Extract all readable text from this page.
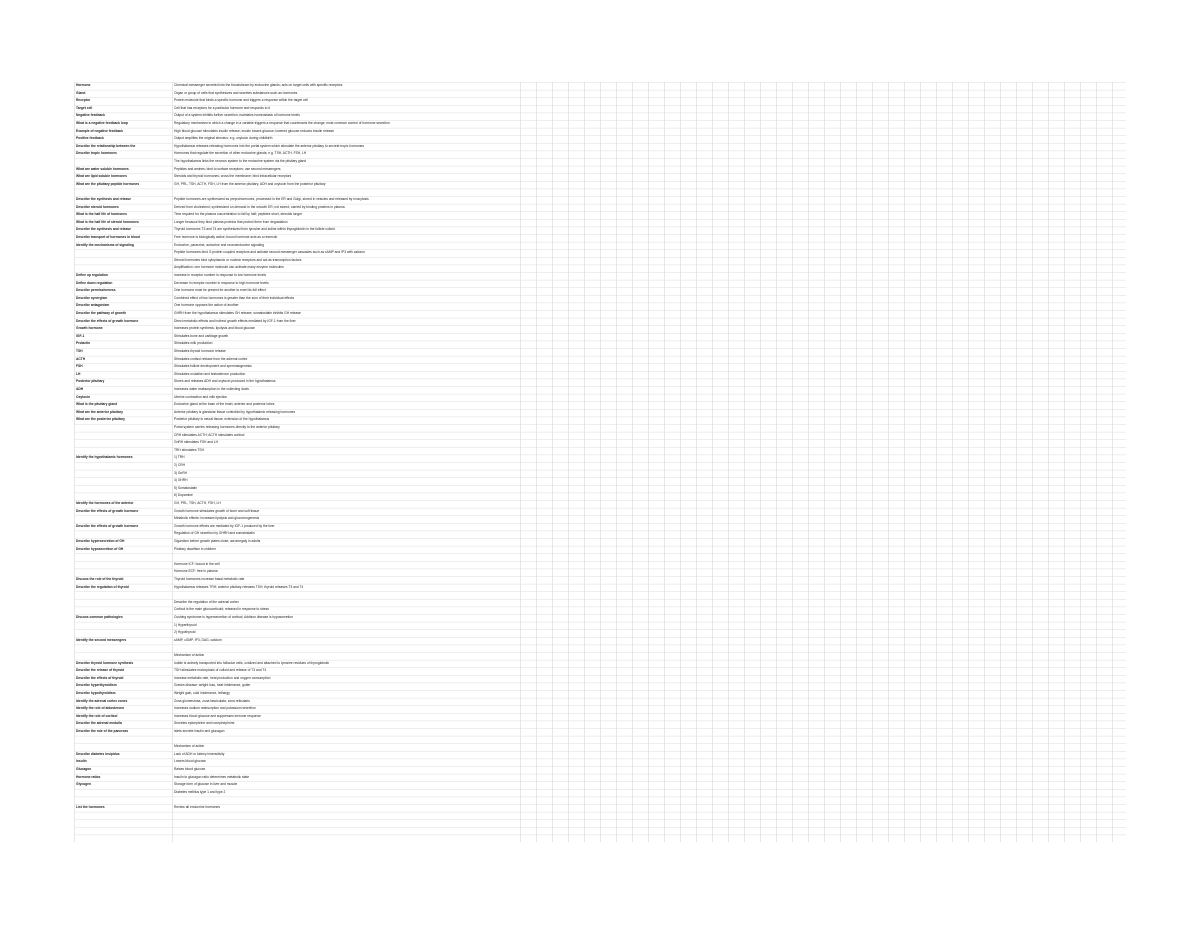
Hormone	Chemical messenger secreted into the bloodstream by endocrine glands; acts on target cells with specific receptors
Gland	Organ or group of cells that synthesizes and secretes substances such as hormones
Receptor	Protein molecule that binds a specific hormone and triggers a response within the target cell
Target cell	Cell that has receptors for a particular hormone and responds to it
Negative feedback	Output of a system inhibits further secretion; maintains homeostasis of hormone levels
What is a negative feedback loop	Regulatory mechanism in which a change in a variable triggers a response that counteracts the change; most common control of hormone secretion
Example of negative feedback	High blood glucose stimulates insulin release; insulin lowers glucose; lowered glucose reduces insulin release
Positive feedback	Output amplifies the original stimulus; e.g. oxytocin during childbirth
Describe the relationship between the	Hypothalamus releases releasing hormones into the portal system which stimulate the anterior pituitary to secrete tropic hormones
Describe tropic hormones	Hormones that regulate the secretion of other endocrine glands; e.g. TSH, ACTH, FSH, LH
The hypothalamus links the nervous system to the endocrine system via the pituitary gland
What are water soluble hormones	Peptides and amines; bind to surface receptors; use second messengers
What are lipid soluble hormones	Steroids and thyroid hormones; cross the membrane; bind intracellular receptors
What are the pituitary peptide hormones	GH, PRL, TSH, ACTH, FSH, LH from the anterior pituitary; ADH and oxytocin from the posterior pituitary
Describe the synthesis and release	Peptide hormones are synthesized as preprohormones, processed in the ER and Golgi, stored in vesicles and released by exocytosis
Describe steroid hormones	Derived from cholesterol; synthesized on demand in the smooth ER; not stored; carried by binding proteins in plasma
What is the half life of hormones	Time required for the plasma concentration to fall by half; peptides short, steroids longer
What is the half life of steroid hormones	Longer because they bind plasma proteins that protect them from degradation
Describe the synthesis and release	Thyroid hormones T3 and T4 are synthesized from tyrosine and iodine within thyroglobulin in the follicle colloid
Describe transport of hormones in blood	Free hormone is biologically active; bound hormone acts as a reservoir
Identify the mechanisms of signaling	Endocrine, paracrine, autocrine and neuroendocrine signaling
Peptide hormones bind G protein coupled receptors and activate second messenger cascades such as cAMP and IP3 with calcium
Steroid hormones bind cytoplasmic or nuclear receptors and act as transcription factors
Amplification: one hormone molecule can activate many enzyme molecules
Define up regulation	Increase in receptor number in response to low hormone levels
Define down regulation	Decrease in receptor number in response to high hormone levels
Describe permissiveness	One hormone must be present for another to exert its full effect
Describe synergism	Combined effect of two hormones is greater than the sum of their individual effects
Describe antagonism	One hormone opposes the action of another
Describe the pathway of growth	GHRH from the hypothalamus stimulates GH release; somatostatin inhibits GH release
Describe the effects of growth hormone	Direct metabolic effects and indirect growth effects mediated by IGF-1 from the liver
Growth hormone	Increases protein synthesis, lipolysis and blood glucose
IGF-1	Stimulates bone and cartilage growth
Prolactin	Stimulates milk production
TSH	Stimulates thyroid hormone release
ACTH	Stimulates cortisol release from the adrenal cortex
FSH	Stimulates follicle development and spermatogenesis
LH	Stimulates ovulation and testosterone production
Posterior pituitary	Stores and releases ADH and oxytocin produced in the hypothalamus
ADH	Increases water reabsorption in the collecting ducts
Oxytocin	Uterine contraction and milk ejection
What is the pituitary gland	Endocrine gland at the base of the brain; anterior and posterior lobes
What are the anterior pituitary	Anterior pituitary is glandular tissue controlled by hypothalamic releasing hormones
What are the posterior pituitary	Posterior pituitary is neural tissue; extension of the hypothalamus
Portal system carries releasing hormones directly to the anterior pituitary
CRH stimulates ACTH; ACTH stimulates cortisol
GnRH stimulates FSH and LH
TRH stimulates TSH
Identify the hypothalamic hormones	1) TRH
2) CRH
3) GnRH
4) GHRH
5) Somatostatin
6) Dopamine
Identify the hormones of the anterior	GH, PRL, TSH, ACTH, FSH, LH
Describe the effects of growth hormone	Growth hormone stimulates growth of bone and soft tissue
Metabolic effects: increases lipolysis and gluconeogenesis
Describe the effects of growth hormone	Growth hormone effects are mediated by IGF-1 produced by the liver
Regulation of GH secretion by GHRH and somatostatin
Describe hypersecretion of GH	Gigantism before growth plates close; acromegaly in adults
Describe hyposecretion of GH	Pituitary dwarfism in children
Hormone ICF: bound in the cell
Hormone ECF: free in plasma
Discuss the role of the thyroid	Thyroid hormones increase basal metabolic rate
Describe the regulation of thyroid	Hypothalamus releases TRH; anterior pituitary releases TSH; thyroid releases T3 and T4
Describe the regulation of the adrenal cortex
Cortisol is the main glucocorticoid; released in response to stress
Discuss common pathologies	Cushing syndrome is hypersecretion of cortisol; Addison disease is hyposecretion
1) Hyperthyroid
2) Hypothyroid
Identify the second messengers	cAMP, cGMP, IP3, DAG, calcium
Mechanism of action
Describe thyroid hormone synthesis	Iodide is actively transported into follicular cells, oxidized and attached to tyrosine residues of thyroglobulin
Describe the release of thyroid	TSH stimulates endocytosis of colloid and release of T3 and T4
Describe the effects of thyroid	Increase metabolic rate, heat production and oxygen consumption
Describe hyperthyroidism	Graves disease; weight loss, heat intolerance, goiter
Describe hypothyroidism	Weight gain, cold intolerance, lethargy
Identify the adrenal cortex zones	Zona glomerulosa, zona fasciculata, zona reticularis
Identify the role of aldosterone	Increases sodium reabsorption and potassium secretion
Identify the role of cortisol	Increases blood glucose and suppresses immune response
Describe the adrenal medulla	Secretes epinephrine and norepinephrine
Describe the role of the pancreas	Islets secrete insulin and glucagon
Mechanism of action
Describe diabetes insipidus	Lack of ADH or kidney insensitivity
Insulin	Lowers blood glucose
Glucagon	Raises blood glucose
Hormone ratios	Insulin to glucagon ratio determines metabolic state
Glycogen	Storage form of glucose in liver and muscle
Diabetes mellitus type 1 and type 2
List the hormones	Review all endocrine hormones
